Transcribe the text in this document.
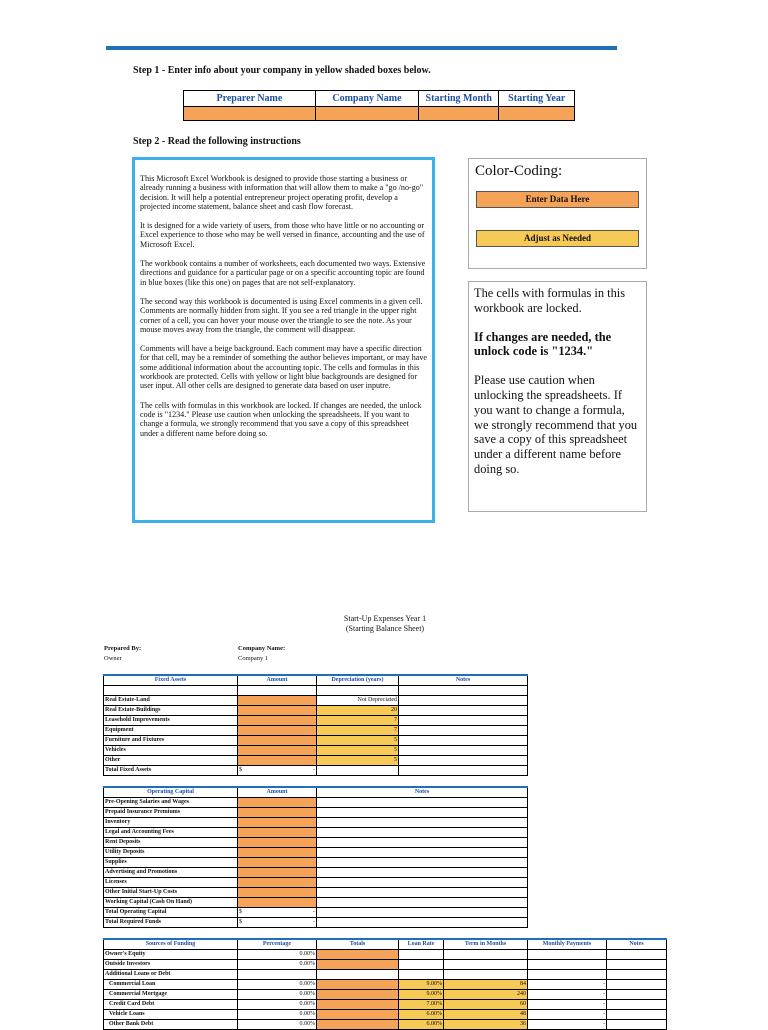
Step 1 - Enter info about your company in yellow shaded boxes below.
Preparer Name	Company Name	Starting Month	Starting Year

Step 2 - Read the following instructions

This Microsoft Excel Workbook is designed to provide those starting a business or already running a business with information that will allow them to make a "go /no-go" decision. It will help a potential entrepreneur project operating profit, develop a projected income statement, balance sheet and cash flow forecast.

It is designed for a wide variety of users, from those who have little or no accounting or Excel experience to those who may be well versed in finance, accounting and the use of Microsoft Excel.

The workbook contains a number of worksheets, each documented two ways. Extensive directions and guidance for a particular page or on a specific accounting topic are found in blue boxes (like this one) on pages that are not self-explanatory.

The second way this workbook is documented is using Excel comments in a given cell. Comments are normally hidden from sight. If you see a red triangle in the upper right corner of a cell, you can hover your mouse over the triangle to see the note. As your mouse moves away from the triangle, the comment will disappear.

Comments will have a beige background. Each comment may have a specific direction for that cell, may be a reminder of something the author believes important, or may have some additional information about the accounting topic. The cells and formulas in this workbook are protected. Cells with yellow or light blue backgrounds are designed for user input. All other cells are designed to generate data based on user inputre.

The cells with formulas in this workbook are locked. If changes are needed, the unlock code is "1234." Please use caution when unlocking the spreadsheets. If you want to change a formula, we strongly recommend that you save a copy of this spreadsheet under a different name before doing so.

Color-Coding:
Enter Data Here
Adjust as Needed

The cells with formulas in this workbook are locked.

If changes are needed, the unlock code is "1234."

Please use caution when unlocking the spreadsheets. If you want to change a formula, we strongly recommend that you save a copy of this spreadsheet under a different name before doing so.

Start-Up Expenses Year 1
(Starting Balance Sheet)
Prepared By:
Owner
Company Name:
Company 1
Fixed Assets	Amount	Depreciation (years)	Notes

Real Estate-Land		Not Depreciated	
Real Estate-Buildings		20	
Leasehold Improvements		7	
Equipment		7	
Furniture and Fixtures		5	
Vehicles		5	
Other		5	
Total Fixed Assets	$ -		

Operating Capital	Amount	Notes
Pre-Opening Salaries and Wages		
Prepaid Insurance Premiums		
Inventory		
Legal and Accounting Fees		
Rent Deposits		
Utility Deposits		
Supplies		
Advertising and Promotions		
Licenses		
Other Initial Start-Up Costs		
Working Capital (Cash On Hand)		
Total Operating Capital	$ -	

Total Required Funds	$ -	

Sources of Funding	Percentage	Totals	Loan Rate	Term in Months	Monthly Payments	Notes
Owner's Equity	0.00%					
Outside Investors	0.00%					
Additional Loans or Debt						
Commercial Loan	0.00%		9.00%	84	-	
Commercial Mortgage	0.00%		9.00%	240	-	
Credit Card Debt	0.00%		7.00%	60	-	
Vehicle Loans	0.00%		6.00%	48	-	
Other Bank Debt	0.00%		6.00%	36	-	
